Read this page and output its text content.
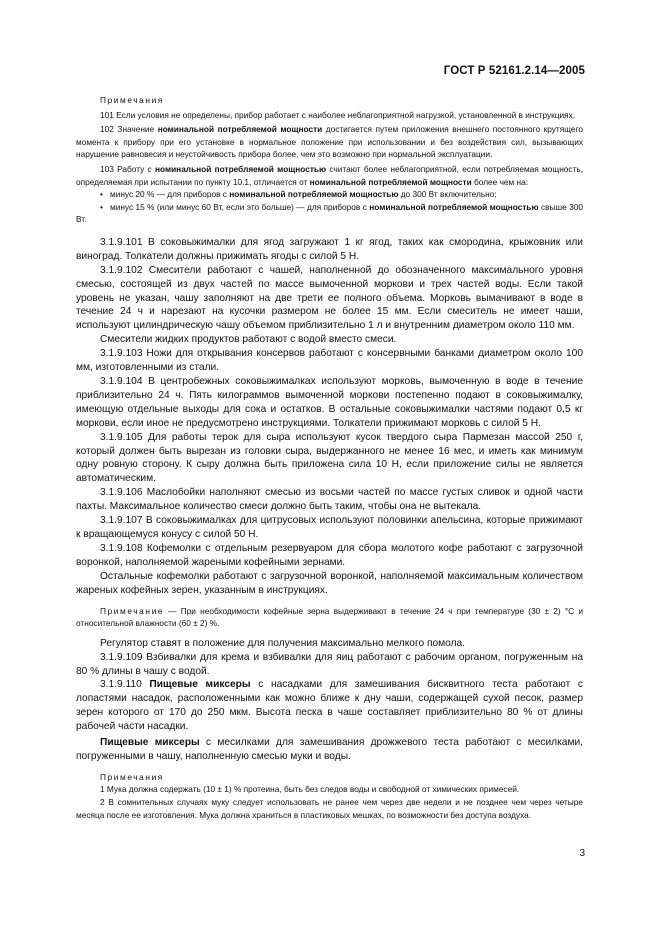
ГОСТ Р 52161.2.14—2005

Примечания

101 Если условия не определены, прибор работает с наиболее неблагоприятной нагрузкой, установленной в инструкциях.

102 Значение номинальной потребляемой мощности достигается путем приложения внешнего постоянного крутящего момента к прибору при его установке в нормальное положение при использовании и без воздействия сил, вызывающих нарушение равновесия и неустойчивость прибора более, чем это возможно при нормальной эксплуатации.

103 Работу с номинальной потребляемой мощностью считают более неблагоприятной, если потребляемая мощность, определяемая при испытании по пункту 10.1, отличается от номинальной потребляемой мощности более чем на:

• минус 20 % — для приборов с номинальной потребляемой мощностью до 300 Вт включительно;
• минус 15 % (или минус 60 Вт, если это больше) — для приборов с номинальной потребляемой мощностью свыше 300 Вт.

3.1.9.101 В соковыжималки для ягод загружают 1 кг ягод, таких как смородина, крыжовник или виноград. Толкатели должны прижимать ягоды с силой 5 Н.

3.1.9.102 Смесители работают с чашей, наполненной до обозначенного максимального уровня смесью, состоящей из двух частей по массе вымоченной моркови и трех частей воды. Если такой уровень не указан, чашу заполняют на две трети ее полного объема. Морковь вымачивают в воде в течение 24 ч и нарезают на кусочки размером не более 15 мм. Если смеситель не имеет чаши, используют цилиндрическую чашу объемом приблизительно 1 л и внутренним диаметром около 110 мм.

Смесители жидких продуктов работают с водой вместо смеси.

3.1.9.103 Ножи для открывания консервов работают с консервными банками диаметром около 100 мм, изготовленными из стали.

3.1.9.104 В центробежных соковыжималках используют морковь, вымоченную в воде в течение приблизительно 24 ч. Пять килограммов вымоченной моркови постепенно подают в соковыжималку, имеющую отдельные выходы для сока и остатков. В остальные соковыжималки частями подают 0,5 кг моркови, если иное не предусмотрено инструкциями. Толкатели прижимают морковь с силой 5 Н.

3.1.9.105 Для работы терок для сыра используют кусок твердого сыра Пармезан массой 250 г, который должен быть вырезан из головки сыра, выдержанного не менее 16 мес, и иметь как минимум одну ровную сторону. К сыру должна быть приложена сила 10 Н, если приложение силы не является автоматическим.

3.1.9.106 Маслобойки наполняют смесью из восьми частей по массе густых сливок и одной части пахты. Максимальное количество смеси должно быть таким, чтобы она не вытекала.

3.1.9.107 В соковыжималках для цитрусовых используют половинки апельсина, которые прижимают к вращающемуся конусу с силой 50 Н.

3.1.9.108 Кофемолки с отдельным резервуаром для сбора молотого кофе работают с загрузочной воронкой, наполняемой жареными кофейными зернами.

Остальные кофемолки работают с загрузочной воронкой, наполняемой максимальным количеством жареных кофейных зерен, указанным в инструкциях.

Примечание — При необходимости кофейные зерна выдерживают в течение 24 ч при температуре (30 ± 2) °С и относительной влажности (60 ± 2) %.

Регулятор ставят в положение для получения максимально мелкого помола.

3.1.9.109 Взбивалки для крема и взбивалки для яиц работают с рабочим органом, погруженным на 80 % длины в чашу с водой.

3.1.9.110 Пищевые миксеры с насадками для замешивания бисквитного теста работают с лопастями насадок, расположенными как можно ближе к дну чаши, содержащей сухой песок, размер зерен которого от 170 до 250 мкм. Высота песка в чаше составляет приблизительно 80 % от длины рабочей части насадки.

Пищевые миксеры с месилками для замешивания дрожжевого теста работают с месилками, погруженными в чашу, наполненную смесью муки и воды.

Примечания

1 Мука должна содержать (10 ± 1) % протеина, быть без следов воды и свободной от химических примесей.

2 В сомнительных случаях муку следует использовать не ранее чем через две недели и не позднее чем через четыре месяца после ее изготовления. Мука должна храниться в пластиковых мешках, по возможности без доступа воздуха.

3
